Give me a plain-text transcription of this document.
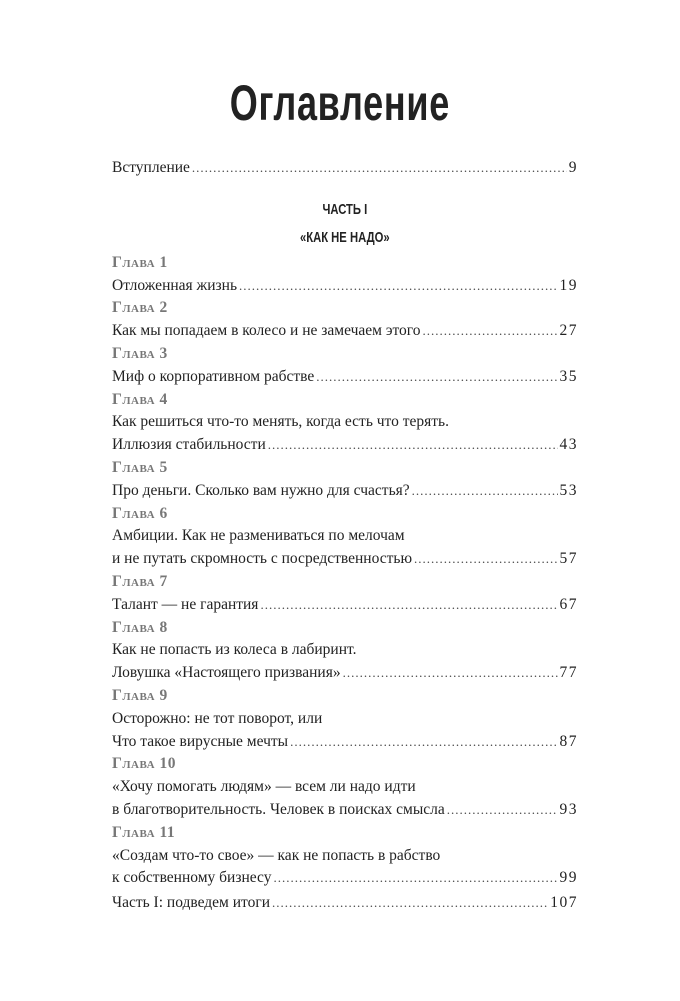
Оглавление
Вступление .....	9
ЧАСТЬ I
«КАК НЕ НАДО»
Глава 1
Отложенная жизнь .....	19
Глава 2
Как мы попадаем в колесо и не замечаем этого .....	27
Глава 3
Миф о корпоративном рабстве .....	35
Глава 4
Как решиться что-то менять, когда есть что терять.
Иллюзия стабильности .....	43
Глава 5
Про деньги. Сколько вам нужно для счастья? .....	53
Глава 6
Амбиции. Как не размениваться по мелочам
и не путать скромность с посредственностью .....	57
Глава 7
Талант — не гарантия .....	67
Глава 8
Как не попасть из колеса в лабиринт.
Ловушка «Настоящего призвания» .....	77
Глава 9
Осторожно: не тот поворот, или
Что такое вирусные мечты .....	87
Глава 10
«Хочу помогать людям» — всем ли надо идти
в благотворительность. Человек в поисках смысла .....	93
Глава 11
«Создам что-то свое» — как не попасть в рабство
к собственному бизнесу .....	99
Часть I: подведем итоги .....	107
